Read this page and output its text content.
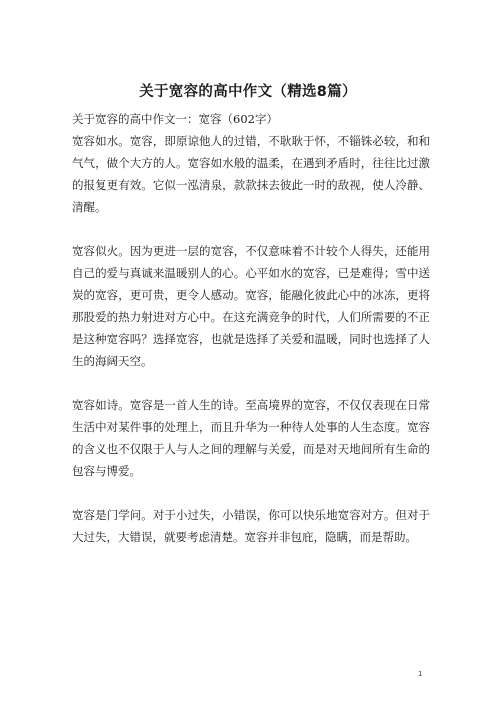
关于宽容的高中作文（精选8篇）

关于宽容的高中作文一：宽容（602字）

宽容如水。宽容，即原谅他人的过错，不耿耿于怀，不锱铢必较，和和气气，做个大方的人。宽容如水般的温柔，在遇到矛盾时，往往比过激的报复更有效。它似一泓清泉，款款抹去彼此一时的敌视，使人冷静、清醒。

宽容似火。因为更进一层的宽容，不仅意味着不计较个人得失，还能用自己的爱与真诚来温暖别人的心。心平如水的宽容，已是难得；雪中送炭的宽容，更可贵，更令人感动。宽容，能融化彼此心中的冰冻，更将那股爱的热力射进对方心中。在这充满竞争的时代，人们所需要的不正是这种宽容吗？选择宽容，也就是选择了关爱和温暖，同时也选择了人生的海阔天空。

宽容如诗。宽容是一首人生的诗。至高境界的宽容，不仅仅表现在日常生活中对某件事的处理上，而且升华为一种待人处事的人生态度。宽容的含义也不仅限于人与人之间的理解与关爱，而是对天地间所有生命的包容与博爱。

宽容是门学问。对于小过失，小错误，你可以快乐地宽容对方。但对于大过失，大错误，就要考虑清楚。宽容并非包庇，隐瞒，而是帮助。

1
